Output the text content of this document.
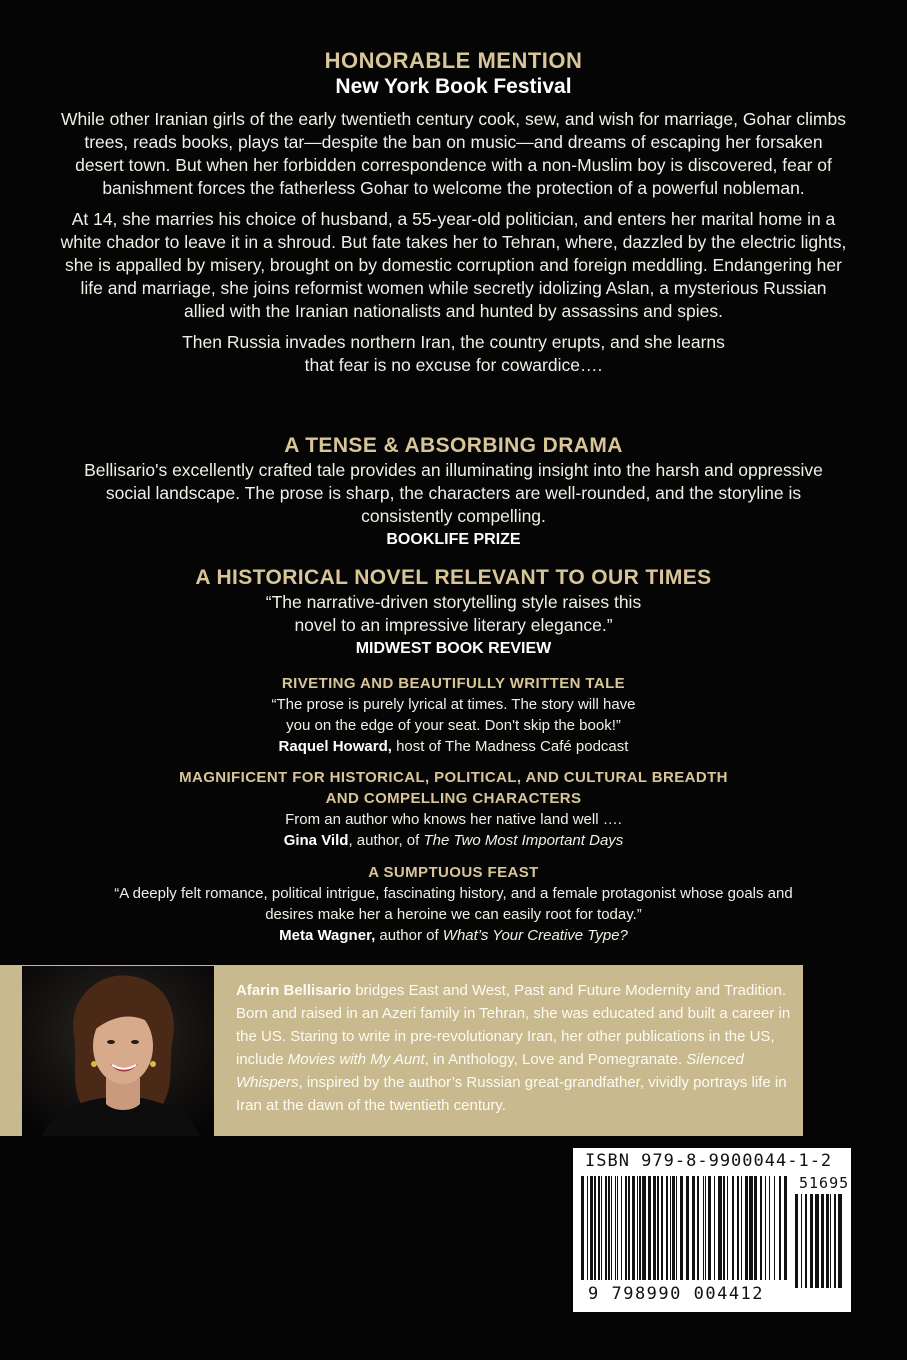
HONORABLE MENTION
New York Book Festival

While other Iranian girls of the early twentieth century cook, sew, and wish for marriage, Gohar climbs trees, reads books, plays tar—despite the ban on music—and dreams of escaping her forsaken desert town. But when her forbidden correspondence with a non-Muslim boy is discovered, fear of banishment forces the fatherless Gohar to welcome the protection of a powerful nobleman.

At 14, she marries his choice of husband, a 55-year-old politician, and enters her marital home in a white chador to leave it in a shroud. But fate takes her to Tehran, where, dazzled by the electric lights, she is appalled by misery, brought on by domestic corruption and foreign meddling. Endangering her life and marriage, she joins reformist women while secretly idolizing Aslan, a mysterious Russian allied with the Iranian nationalists and hunted by assassins and spies.

Then Russia invades northern Iran, the country erupts, and she learns that fear is no excuse for cowardice….

A TENSE & ABSORBING DRAMA
Bellisario's excellently crafted tale provides an illuminating insight into the harsh and oppressive social landscape. The prose is sharp, the characters are well-rounded, and the storyline is consistently compelling.
BOOKLIFE PRIZE
A HISTORICAL NOVEL RELEVANT TO OUR TIMES
“The narrative-driven storytelling style raises this novel to an impressive literary elegance.”
MIDWEST BOOK REVIEW
RIVETING AND BEAUTIFULLY WRITTEN TALE
“The prose is purely lyrical at times. The story will have you on the edge of your seat. Don't skip the book!”
Raquel Howard, host of The Madness Café podcast
MAGNIFICENT FOR HISTORICAL, POLITICAL, AND CULTURAL BREADTH AND COMPELLING CHARACTERS
From an author who knows her native land well ….
Gina Vild, author, of The Two Most Important Days
A SUMPTUOUS FEAST
“A deeply felt romance, political intrigue, fascinating history, and a female protagonist whose goals and desires make her a heroine we can easily root for today.”
Meta Wagner, author of What’s Your Creative Type?
Afarin Bellisario bridges East and West, Past and Future Modernity and Tradition. Born and raised in an Azeri family in Tehran, she was educated and built a career in the US. Staring to write in pre-revolutionary Iran, her other publications in the US, include Movies with My Aunt, in Anthology, Love and Pomegranate. Silenced Whispers, inspired by the author’s Russian great-grandfather, vividly portrays life in Iran at the dawn of the twentieth century.
ISBN 979-8-9900044-1-2
51695
9 798990 004412
